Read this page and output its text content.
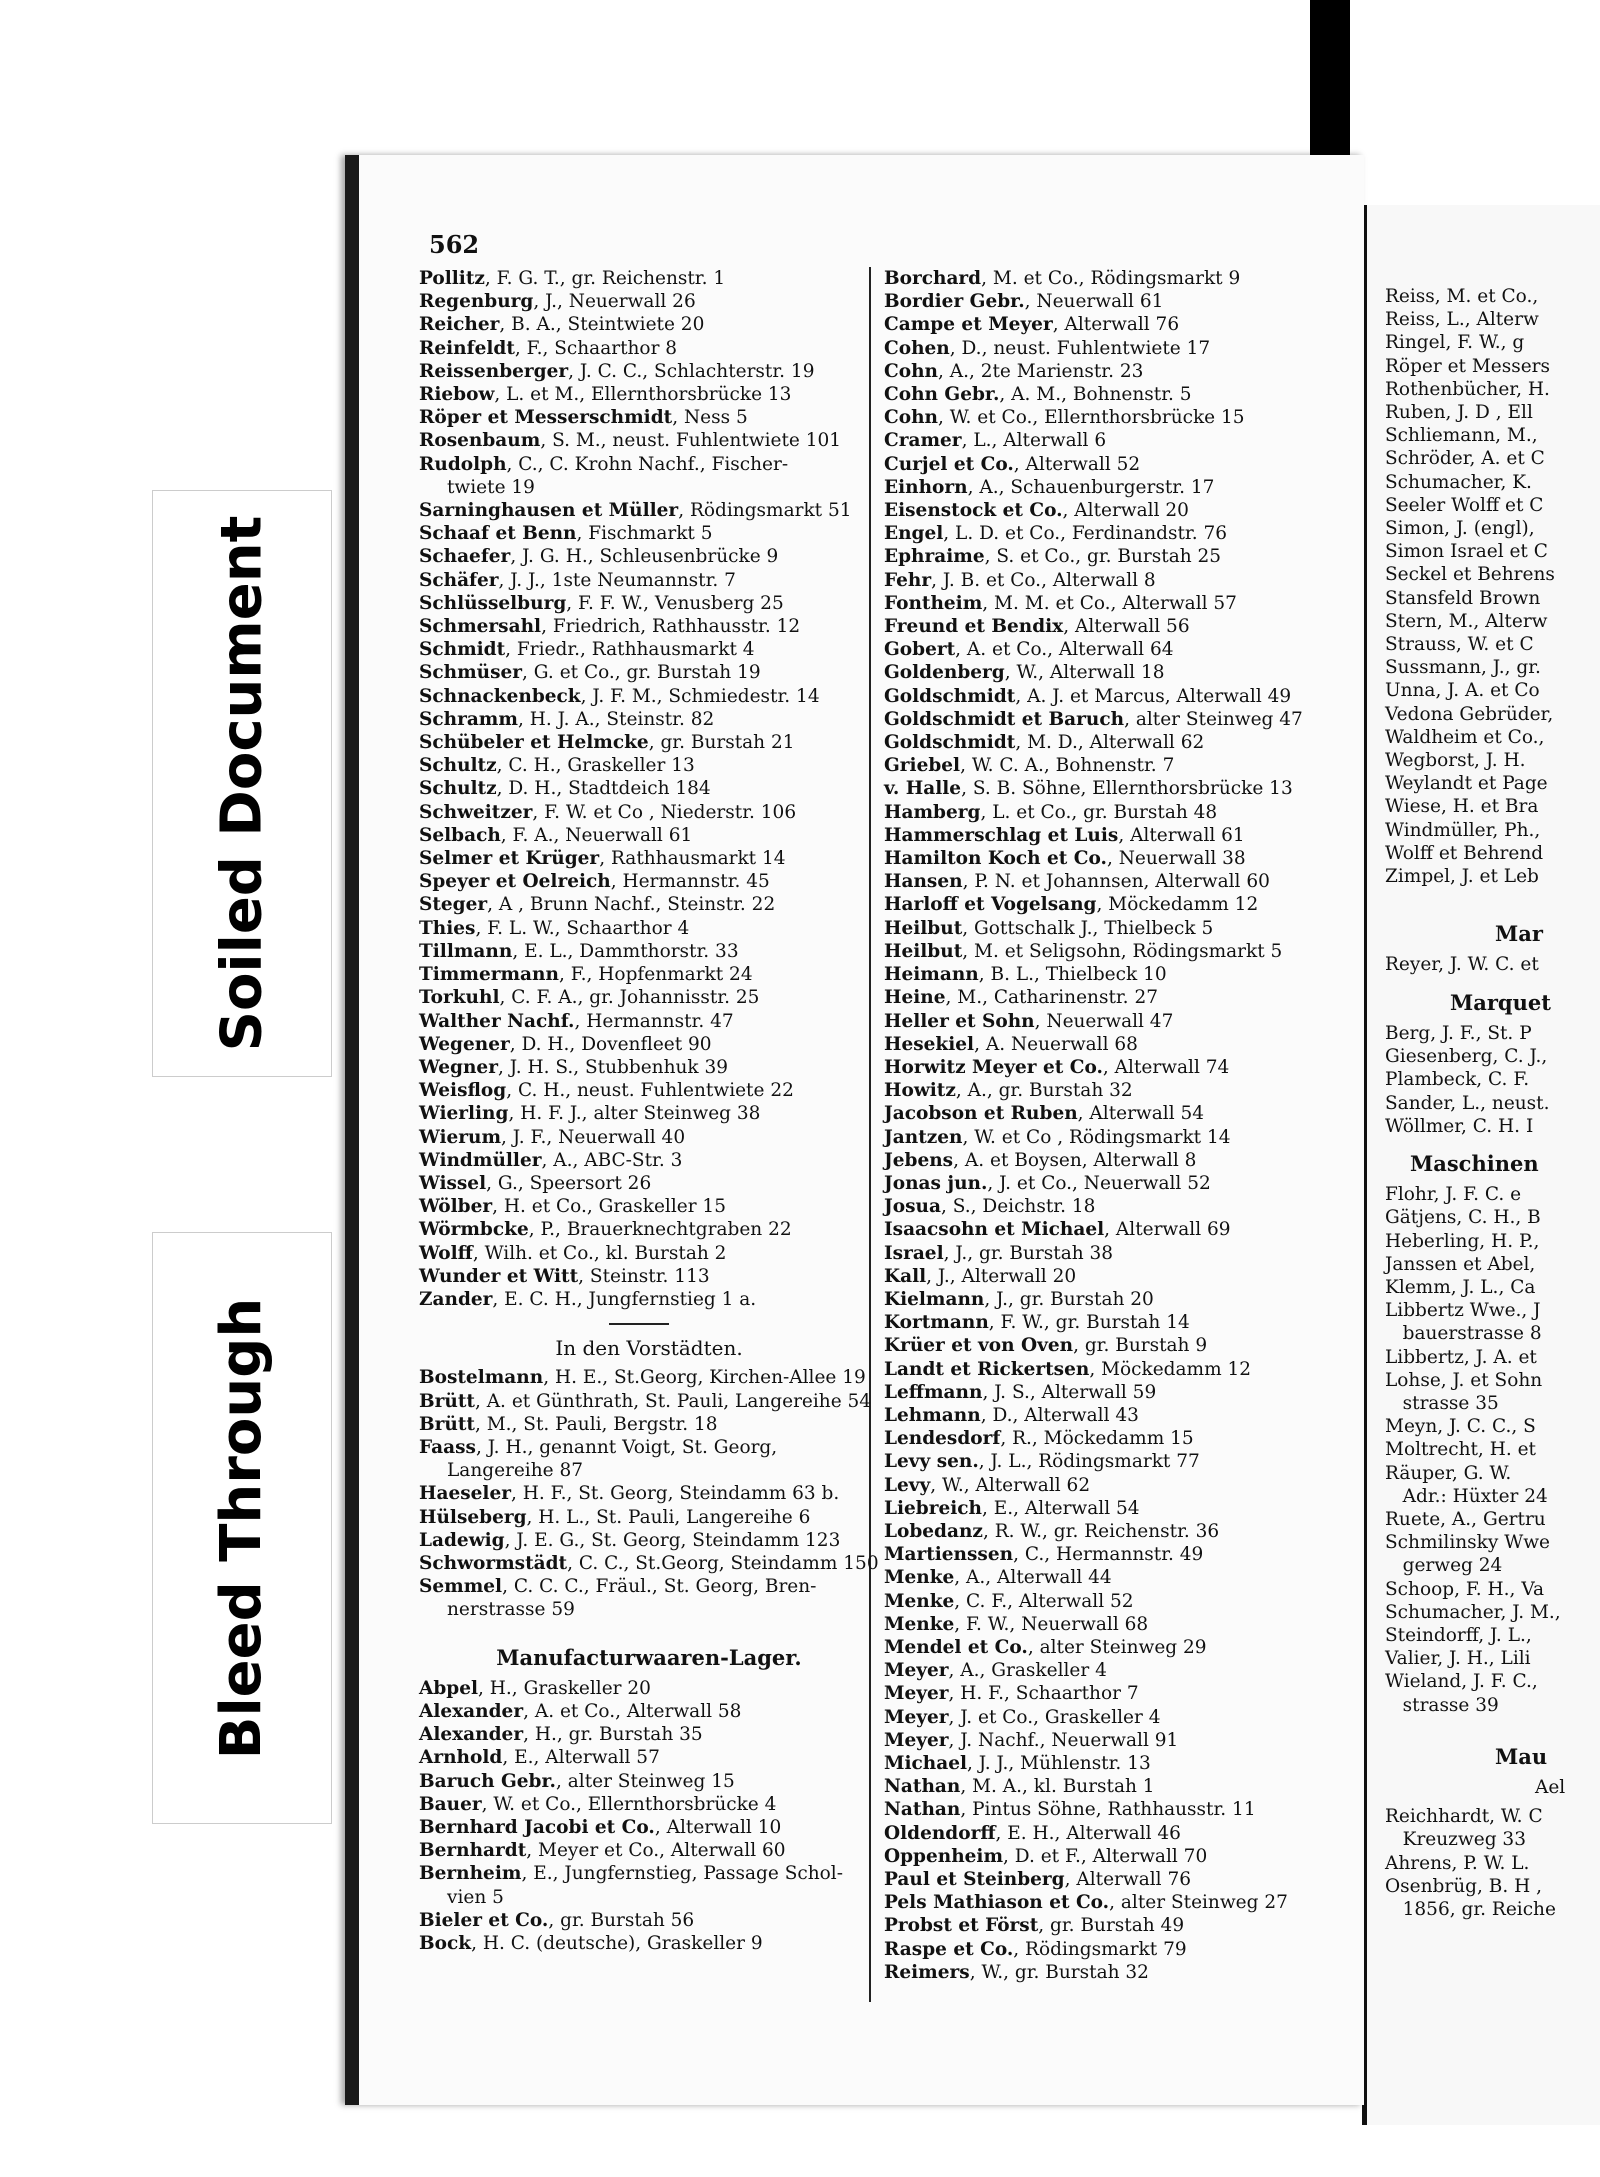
Reiss, M. et Co.,
Reiss, L., Alterw
Ringel, F. W., g
Röper et Messers
Rothenbücher, H.
Ruben, J. D , Ell
Schliemann, M.,
Schröder, A. et C
Schumacher, K.
Seeler Wolff et C
Simon, J. (engl),
Simon Israel et C
Seckel et Behrens
Stansfeld Brown
Stern, M., Alterw
Strauss, W. et C
Sussmann, J., gr.
Unna, J. A. et Co
Vedona Gebrüder,
Waldheim et Co.,
Wegborst, J. H.
Weylandt et Page
Wiese, H. et Bra
Windmüller, Ph.,
Wolff et Behrend
Zimpel, J. et Leb
Mar
Reyer, J. W. C. et
Marquet
Berg, J. F., St. P
Giesenberg, C. J.,
Plambeck, C. F.
Sander, L., neust.
Wöllmer, C. H. I
Maschinen
Flohr, J. F. C. e
Gätjens, C. H., B
Heberling, H. P.,
Janssen et Abel,
Klemm, J. L., Ca
Libbertz Wwe., J
bauerstrasse 8
Libbertz, J. A. et
Lohse, J. et Sohn
strasse 35
Meyn, J. C. C., S
Moltrecht, H. et
Räuper, G. W.
Adr.: Hüxter 24
Ruete, A., Gertru
Schmilinsky Wwe
gerweg 24
Schoop, F. H., Va
Schumacher, J. M.,
Steindorff, J. L.,
Valier, J. H., Lili
Wieland, J. F. C.,
strasse 39
Mau
Ael
Reichhardt, W. C
Kreuzweg 33
Ahrens, P. W. L.
Osenbrüg, B. H ,
1856, gr. Reiche
562
Pollitz, F. G. T., gr. Reichenstr. 1
Regenburg, J., Neuerwall 26
Reicher, B. A., Steintwiete 20
Reinfeldt, F., Schaarthor 8
Reissenberger, J. C. C., Schlachterstr. 19
Riebow, L. et M., Ellernthorsbrücke 13
Röper et Messerschmidt, Ness 5
Rosenbaum, S. M., neust. Fuhlentwiete 101
Rudolph, C., C. Krohn Nachf., Fischer-
twiete 19
Sarninghausen et Müller, Rödingsmarkt 51
Schaaf et Benn, Fischmarkt 5
Schaefer, J. G. H., Schleusenbrücke 9
Schäfer, J. J., 1ste Neumannstr. 7
Schlüsselburg, F. F. W., Venusberg 25
Schmersahl, Friedrich, Rathhausstr. 12
Schmidt, Friedr., Rathhausmarkt 4
Schmüser, G. et Co., gr. Burstah 19
Schnackenbeck, J. F. M., Schmiedestr. 14
Schramm, H. J. A., Steinstr. 82
Schübeler et Helmcke, gr. Burstah 21
Schultz, C. H., Graskeller 13
Schultz, D. H., Stadtdeich 184
Schweitzer, F. W. et Co , Niederstr. 106
Selbach, F. A., Neuerwall 61
Selmer et Krüger, Rathhausmarkt 14
Speyer et Oelreich, Hermannstr. 45
Steger, A , Brunn Nachf., Steinstr. 22
Thies, F. L. W., Schaarthor 4
Tillmann, E. L., Dammthorstr. 33
Timmermann, F., Hopfenmarkt 24
Torkuhl, C. F. A., gr. Johannisstr. 25
Walther Nachf., Hermannstr. 47
Wegener, D. H., Dovenfleet 90
Wegner, J. H. S., Stubbenhuk 39
Weisflog, C. H., neust. Fuhlentwiete 22
Wierling, H. F. J., alter Steinweg 38
Wierum, J. F., Neuerwall 40
Windmüller, A., ABC-Str. 3
Wissel, G., Speersort 26
Wölber, H. et Co., Graskeller 15
Wörmbcke, P., Brauerknechtgraben 22
Wolff, Wilh. et Co., kl. Burstah 2
Wunder et Witt, Steinstr. 113
Zander, E. C. H., Jungfernstieg 1 a.
In den Vorstädten.
Bostelmann, H. E., St.Georg, Kirchen-Allee 19
Brütt, A. et Günthrath, St. Pauli, Langereihe 54
Brütt, M., St. Pauli, Bergstr. 18
Faass, J. H., genannt Voigt, St. Georg,
Langereihe 87
Haeseler, H. F., St. Georg, Steindamm 63 b.
Hülseberg, H. L., St. Pauli, Langereihe 6
Ladewig, J. E. G., St. Georg, Steindamm 123
Schwormstädt, C. C., St.Georg, Steindamm 150
Semmel, C. C. C., Fräul., St. Georg, Bren-
nerstrasse 59
Manufacturwaaren-Lager.
Abpel, H., Graskeller 20
Alexander, A. et Co., Alterwall 58
Alexander, H., gr. Burstah 35
Arnhold, E., Alterwall 57
Baruch Gebr., alter Steinweg 15
Bauer, W. et Co., Ellernthorsbrücke 4
Bernhard Jacobi et Co., Alterwall 10
Bernhardt, Meyer et Co., Alterwall 60
Bernheim, E., Jungfernstieg, Passage Schol-
vien 5
Bieler et Co., gr. Burstah 56
Bock, H. C. (deutsche), Graskeller 9
Borchard, M. et Co., Rödingsmarkt 9
Bordier Gebr., Neuerwall 61
Campe et Meyer, Alterwall 76
Cohen, D., neust. Fuhlentwiete 17
Cohn, A., 2te Marienstr. 23
Cohn Gebr., A. M., Bohnenstr. 5
Cohn, W. et Co., Ellernthorsbrücke 15
Cramer, L., Alterwall 6
Curjel et Co., Alterwall 52
Einhorn, A., Schauenburgerstr. 17
Eisenstock et Co., Alterwall 20
Engel, L. D. et Co., Ferdinandstr. 76
Ephraime, S. et Co., gr. Burstah 25
Fehr, J. B. et Co., Alterwall 8
Fontheim, M. M. et Co., Alterwall 57
Freund et Bendix, Alterwall 56
Gobert, A. et Co., Alterwall 64
Goldenberg, W., Alterwall 18
Goldschmidt, A. J. et Marcus, Alterwall 49
Goldschmidt et Baruch, alter Steinweg 47
Goldschmidt, M. D., Alterwall 62
Griebel, W. C. A., Bohnenstr. 7
v. Halle, S. B. Söhne, Ellernthorsbrücke 13
Hamberg, L. et Co., gr. Burstah 48
Hammerschlag et Luis, Alterwall 61
Hamilton Koch et Co., Neuerwall 38
Hansen, P. N. et Johannsen, Alterwall 60
Harloff et Vogelsang, Möckedamm 12
Heilbut, Gottschalk J., Thielbeck 5
Heilbut, M. et Seligsohn, Rödingsmarkt 5
Heimann, B. L., Thielbeck 10
Heine, M., Catharinenstr. 27
Heller et Sohn, Neuerwall 47
Hesekiel, A. Neuerwall 68
Horwitz Meyer et Co., Alterwall 74
Howitz, A., gr. Burstah 32
Jacobson et Ruben, Alterwall 54
Jantzen, W. et Co , Rödingsmarkt 14
Jebens, A. et Boysen, Alterwall 8
Jonas jun., J. et Co., Neuerwall 52
Josua, S., Deichstr. 18
Isaacsohn et Michael, Alterwall 69
Israel, J., gr. Burstah 38
Kall, J., Alterwall 20
Kielmann, J., gr. Burstah 20
Kortmann, F. W., gr. Burstah 14
Krüer et von Oven, gr. Burstah 9
Landt et Rickertsen, Möckedamm 12
Leffmann, J. S., Alterwall 59
Lehmann, D., Alterwall 43
Lendesdorf, R., Möckedamm 15
Levy sen., J. L., Rödingsmarkt 77
Levy, W., Alterwall 62
Liebreich, E., Alterwall 54
Lobedanz, R. W., gr. Reichenstr. 36
Martienssen, C., Hermannstr. 49
Menke, A., Alterwall 44
Menke, C. F., Alterwall 52
Menke, F. W., Neuerwall 68
Mendel et Co., alter Steinweg 29
Meyer, A., Graskeller 4
Meyer, H. F., Schaarthor 7
Meyer, J. et Co., Graskeller 4
Meyer, J. Nachf., Neuerwall 91
Michael, J. J., Mühlenstr. 13
Nathan, M. A., kl. Burstah 1
Nathan, Pintus Söhne, Rathhausstr. 11
Oldendorff, E. H., Alterwall 46
Oppenheim, D. et F., Alterwall 70
Paul et Steinberg, Alterwall 76
Pels Mathiason et Co., alter Steinweg 27
Probst et Först, gr. Burstah 49
Raspe et Co., Rödingsmarkt 79
Reimers, W., gr. Burstah 32
Soiled Document
Bleed Through
